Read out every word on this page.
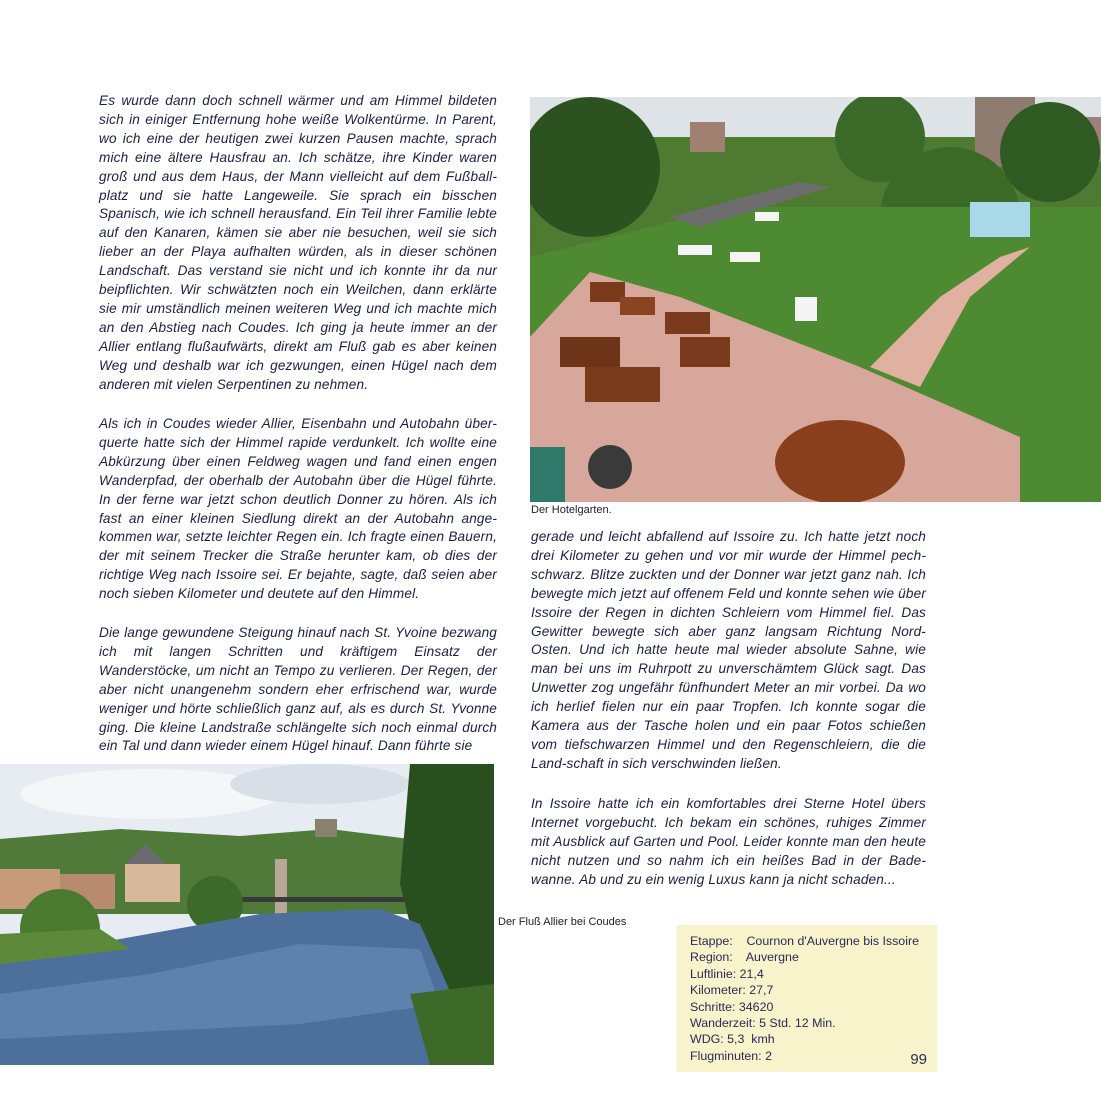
Es wurde dann doch schnell wärmer und am Himmel bildeten sich in einiger Entfernung hohe weiße Wolkentürme. In Parent, wo ich eine der heutigen zwei kurzen Pausen machte, sprach mich eine ältere Hausfrau an. Ich schätze, ihre Kinder waren groß und aus dem Haus, der Mann vielleicht auf dem Fußball-platz und sie hatte Langeweile. Sie sprach ein bisschen Spanisch, wie ich schnell herausfand. Ein Teil ihrer Familie lebte auf den Kanaren, kämen sie aber nie besuchen, weil sie sich lieber an der Playa aufhalten würden, als in dieser schönen Landschaft. Das verstand sie nicht und ich konnte ihr da nur beipflichten. Wir schwätzten noch ein Weilchen, dann erklärte sie mir umständlich meinen weiteren Weg und ich machte mich an den Abstieg nach Coudes. Ich ging ja heute immer an der Allier entlang flußaufwärts, direkt am Fluß gab es aber keinen Weg und deshalb war ich gezwungen, einen Hügel nach dem anderen mit vielen Serpentinen zu nehmen.

Als ich in Coudes wieder Allier, Eisenbahn und Autobahn über-querte hatte sich der Himmel rapide verdunkelt. Ich wollte eine Abkürzung über einen Feldweg wagen und fand einen engen Wanderpfad, der oberhalb der Autobahn über die Hügel führte. In der ferne war jetzt schon deutlich Donner zu hören. Als ich fast an einer kleinen Siedlung direkt an der Autobahn ange-kommen war, setzte leichter Regen ein. Ich fragte einen Bauern, der mit seinem Trecker die Straße herunter kam, ob dies der richtige Weg nach Issoire sei. Er bejahte, sagte, daß seien aber noch sieben Kilometer und deutete auf den Himmel.

Die lange gewundene Steigung hinauf nach St. Yvoine bezwang ich mit langen Schritten und kräftigem Einsatz der Wanderstöcke, um nicht an Tempo zu verlieren. Der Regen, der aber nicht unangenehm sondern eher erfrischend war, wurde weniger und hörte schließlich ganz auf, als es durch St. Yvonne ging. Die kleine Landstraße schlängelte sich noch einmal durch ein Tal und dann wieder einem Hügel hinauf. Dann führte sie

Der Hotelgarten.

gerade und leicht abfallend auf Issoire zu. Ich hatte jetzt noch drei Kilometer zu gehen und vor mir wurde der Himmel pech-schwarz. Blitze zuckten und der Donner war jetzt ganz nah. Ich bewegte mich jetzt auf offenem Feld und konnte sehen wie über Issoire der Regen in dichten Schleiern vom Himmel fiel. Das Gewitter bewegte sich aber ganz langsam Richtung Nord-Osten. Und ich hatte heute mal wieder absolute Sahne, wie man bei uns im Ruhrpott zu unverschämtem Glück sagt. Das Unwetter zog ungefähr fünfhundert Meter an mir vorbei. Da wo ich herlief fielen nur ein paar Tropfen. Ich konnte sogar die Kamera aus der Tasche holen und ein paar Fotos schießen vom tiefschwarzen Himmel und den Regenschleiern, die die Land-schaft in sich verschwinden ließen.

In Issoire hatte ich ein komfortables drei Sterne Hotel übers Internet vorgebucht. Ich bekam ein schönes, ruhiges Zimmer mit Ausblick auf Garten und Pool. Leider konnte man den heute nicht nutzen und so nahm ich ein heißes Bad in der Bade-wanne. Ab und zu ein wenig Luxus kann ja nicht schaden...

Der Fluß Allier bei Coudes

Etappe:    Cournon d'Auvergne bis Issoire
Region:    Auvergne
Luftlinie: 21,4
Kilometer: 27,7
Schritte: 34620
Wanderzeit: 5 Std. 12 Min.
WDG: 5,3  kmh
Flugminuten: 2	99
